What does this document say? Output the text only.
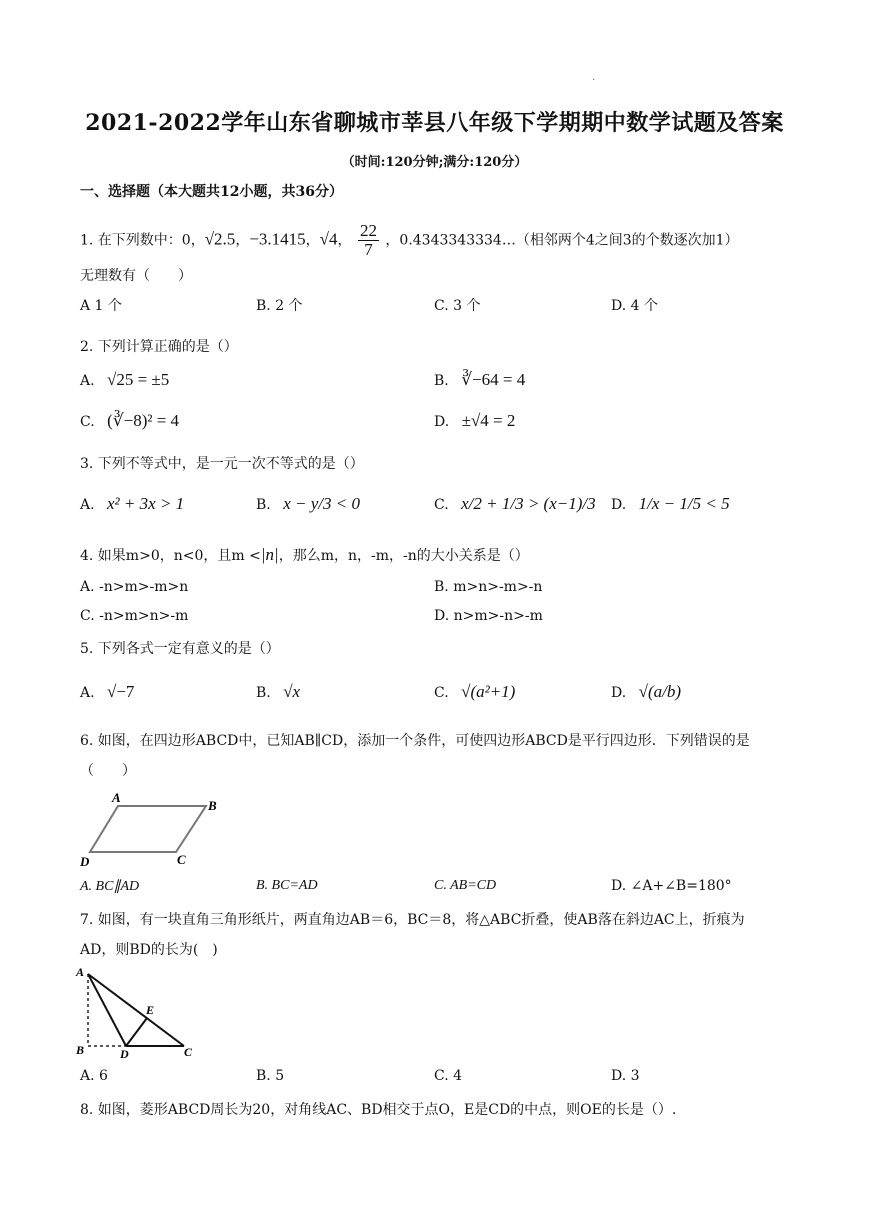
.
2021-2022学年山东省聊城市莘县八年级下学期期中数学试题及答案
（时间:120分钟;满分:120分）
一、选择题（本大题共12小题，共36分）
1. 在下列数中：0，√2.5，−3.1415，√4， $\frac{22}{7}$ ，0.4343343334…（相邻两个4之间3的个数逐次加1）
无理数有（　　）
A 1 个	B. 2 个	C. 3 个	D. 4 个
2. 下列计算正确的是（）
A. √25 = ±5	B. ∛−64 = 4
C. (∛−8)² = 4	D. ±√4 = 2
3. 下列不等式中，是一元一次不等式的是（）
A. x² + 3x > 1	B. x − y/3 < 0	C. x/2 + 1/3 > (x−1)/3 D. 1/x − 1/5 < 5
4. 如果m>0，n<0，且m <|n|，那么m，n，-m，-n的大小关系是（）
A. -n>m>-m>n	B. m>n>-m>-n
C. -n>m>n>-m	D. n>m>-n>-m
5. 下列各式一定有意义的是（）
A. √−7	B. √x	C. √(a²+1)	D. √(a/b)
6. 如图，在四边形ABCD中，已知AB∥CD，添加一个条件，可使四边形ABCD是平行四边形．下列错误的是
（　　）
A
B
C
D
A. BC∥AD	B. BC=AD	C. AB=CD	D. ∠A+∠B=180°
7. 如图，有一块直角三角形纸片，两直角边AB＝6，BC＝8，将△ABC折叠，使AB落在斜边AC上，折痕为
AD，则BD的长为(　)
A
B	D	C
E
A. 6	B. 5	C. 4	D. 3
8. 如图，菱形ABCD周长为20，对角线AC、BD相交于点O，E是CD的中点，则OE的长是（）.
